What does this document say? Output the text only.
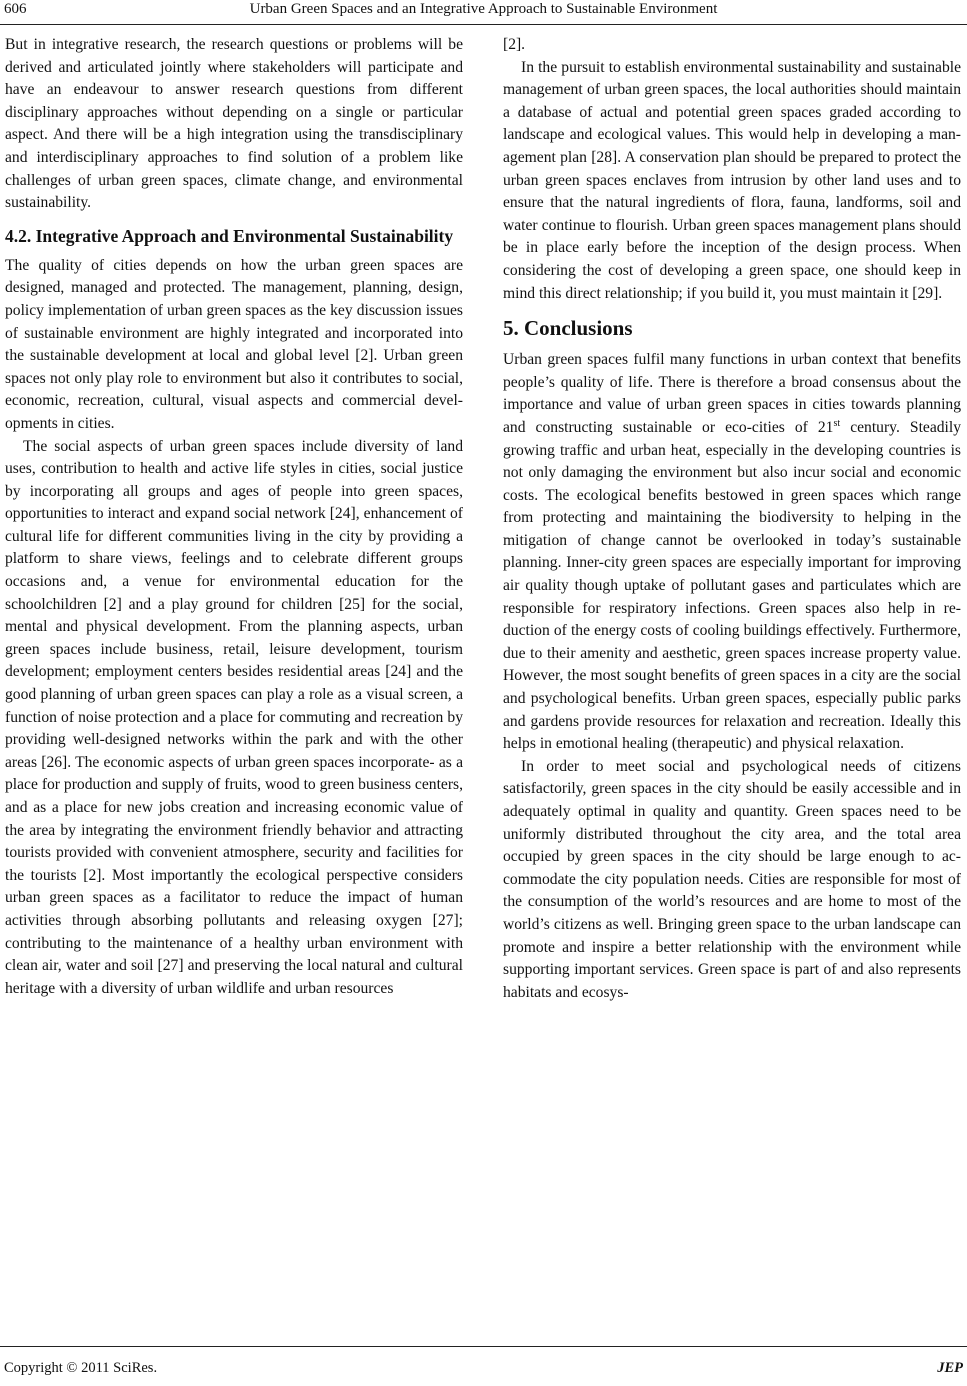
606	Urban Green Spaces and an Integrative Approach to Sustainable Environment

But in integrative research, the research questions or problems will be derived and articulated jointly where stakeholders will participate and have an endeavour to answer research questions from different disciplinary approaches without depending on a single or particular aspect. And there will be a high integration using the transdisciplinary and interdisciplinary approaches to find solution of a problem like challenges of urban green spaces, climate change, and environmental sustainability.

4.2. Integrative Approach and Environmental Sustainability

The quality of cities depends on how the urban green spaces are designed, managed and protected. The management, planning, design, policy implementation of urban green spaces as the key discussion issues of sustainable environment are highly integrated and incorporated into the sustainable development at local and global level [2]. Urban green spaces not only play role to environment but also it contributes to social, economic, recreation, cultural, visual aspects and commercial developments in cities.

The social aspects of urban green spaces include diversity of land uses, contribution to health and active life styles in cities, social justice by incorporating all groups and ages of people into green spaces, opportunities to interact and expand social network [24], enhancement of cultural life for different communities living in the city by providing a platform to share views, feelings and to celebrate different groups occasions and, a venue for environmental education for the schoolchildren [2] and a play ground for children [25] for the social, mental and physical development. From the planning aspects, urban green spaces include business, retail, leisure development, tourism development; employment centers besides residential areas [24] and the good planning of urban green spaces can play a role as a visual screen, a function of noise protection and a place for commuting and recreation by providing well-designed networks within the park and with the other areas [26]. The economic aspects of urban green spaces incorporate- as a place for production and supply of fruits, wood to green business centers, and as a place for new jobs creation and increasing economic value of the area by integrating the environment friendly behavior and attracting tourists provided with convenient atmosphere, security and facilities for the tourists [2]. Most importantly the ecological perspective considers urban green spaces as a facilitator to reduce the impact of human activities through absorbing pollutants and releasing oxygen [27]; contributing to the maintenance of a healthy urban environment with clean air, water and soil [27] and preserving the local natural and cultural heritage with a diversity of urban wildlife and urban resources

[2].

In the pursuit to establish environmental sustainability and sustainable management of urban green spaces, the local authorities should maintain a database of actual and potential green spaces graded according to landscape and ecological values. This would help in developing a management plan [28]. A conservation plan should be prepared to protect the urban green spaces enclaves from intrusion by other land uses and to ensure that the natural ingredients of flora, fauna, landforms, soil and water continue to flourish. Urban green spaces management plans should be in place early before the inception of the design process. When considering the cost of developing a green space, one should keep in mind this direct relationship; if you build it, you must maintain it [29].

5. Conclusions

Urban green spaces fulfil many functions in urban context that benefits people’s quality of life. There is therefore a broad consensus about the importance and value of urban green spaces in cities towards planning and constructing sustainable or eco-cities of 21st century. Steadily growing traffic and urban heat, especially in the developing countries is not only damaging the environment but also incur social and economic costs. The ecological benefits bestowed in green spaces which range from protecting and maintaining the biodiversity to helping in the mitigation of change cannot be overlooked in today’s sustainable planning. Inner-city green spaces are especially important for improving air quality though uptake of pollutant gases and particulates which are responsible for respiratory infections. Green spaces also help in reduction of the energy costs of cooling buildings effectively. Furthermore, due to their amenity and aesthetic, green spaces increase property value. However, the most sought benefits of green spaces in a city are the social and psychological benefits. Urban green spaces, especially public parks and gardens provide resources for relaxation and recreation. Ideally this helps in emotional healing (therapeutic) and physical relaxation.

In order to meet social and psychological needs of citizens satisfactorily, green spaces in the city should be easily accessible and in adequately optimal in quality and quantity. Green spaces need to be uniformly distributed throughout the city area, and the total area occupied by green spaces in the city should be large enough to accommodate the city population needs. Cities are responsible for most of the consumption of the world’s resources and are home to most of the world’s citizens as well. Bringing green space to the urban landscape can promote and inspire a better relationship with the environment while supporting important services. Green space is part of and also represents habitats and ecosys-

Copyright © 2011 SciRes.	JEP
